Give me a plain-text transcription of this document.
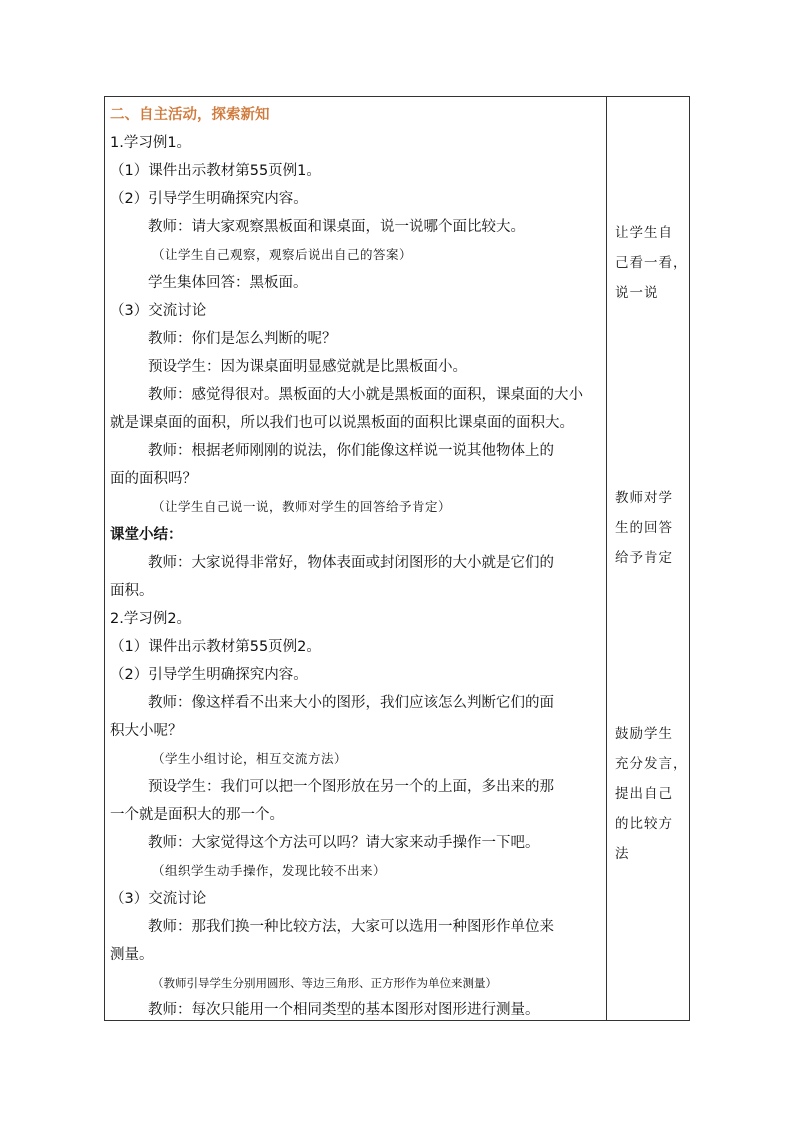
二、自主活动，探索新知
1.学习例1。
（1）课件出示教材第55页例1。
（2）引导学生明确探究内容。
教师：请大家观察黑板面和课桌面，说一说哪个面比较大。
（让学生自己观察，观察后说出自己的答案）
学生集体回答：黑板面。
（3）交流讨论
教师：你们是怎么判断的呢？
预设学生：因为课桌面明显感觉就是比黑板面小。
教师：感觉得很对。黑板面的大小就是黑板面的面积，课桌面的大小
就是课桌面的面积，所以我们也可以说黑板面的面积比课桌面的面积大。
教师：根据老师刚刚的说法，你们能像这样说一说其他物体上的
面的面积吗？
（让学生自己说一说，教师对学生的回答给予肯定）
课堂小结：
教师：大家说得非常好，物体表面或封闭图形的大小就是它们的
面积。
2.学习例2。
（1）课件出示教材第55页例2。
（2）引导学生明确探究内容。
教师：像这样看不出来大小的图形，我们应该怎么判断它们的面
积大小呢？
（学生小组讨论，相互交流方法）
预设学生：我们可以把一个图形放在另一个的上面，多出来的那
一个就是面积大的那一个。
教师：大家觉得这个方法可以吗？请大家来动手操作一下吧。
（组织学生动手操作，发现比较不出来）
（3）交流讨论
教师：那我们换一种比较方法，大家可以选用一种图形作单位来
测量。
（教师引导学生分别用圆形、等边三角形、正方形作为单位来测量）
教师：每次只能用一个相同类型的基本图形对图形进行测量。
让学生自
己看一看，
说一说
教师对学
生的回答
给予肯定
鼓励学生
充分发言，
提出自己
的比较方
法
